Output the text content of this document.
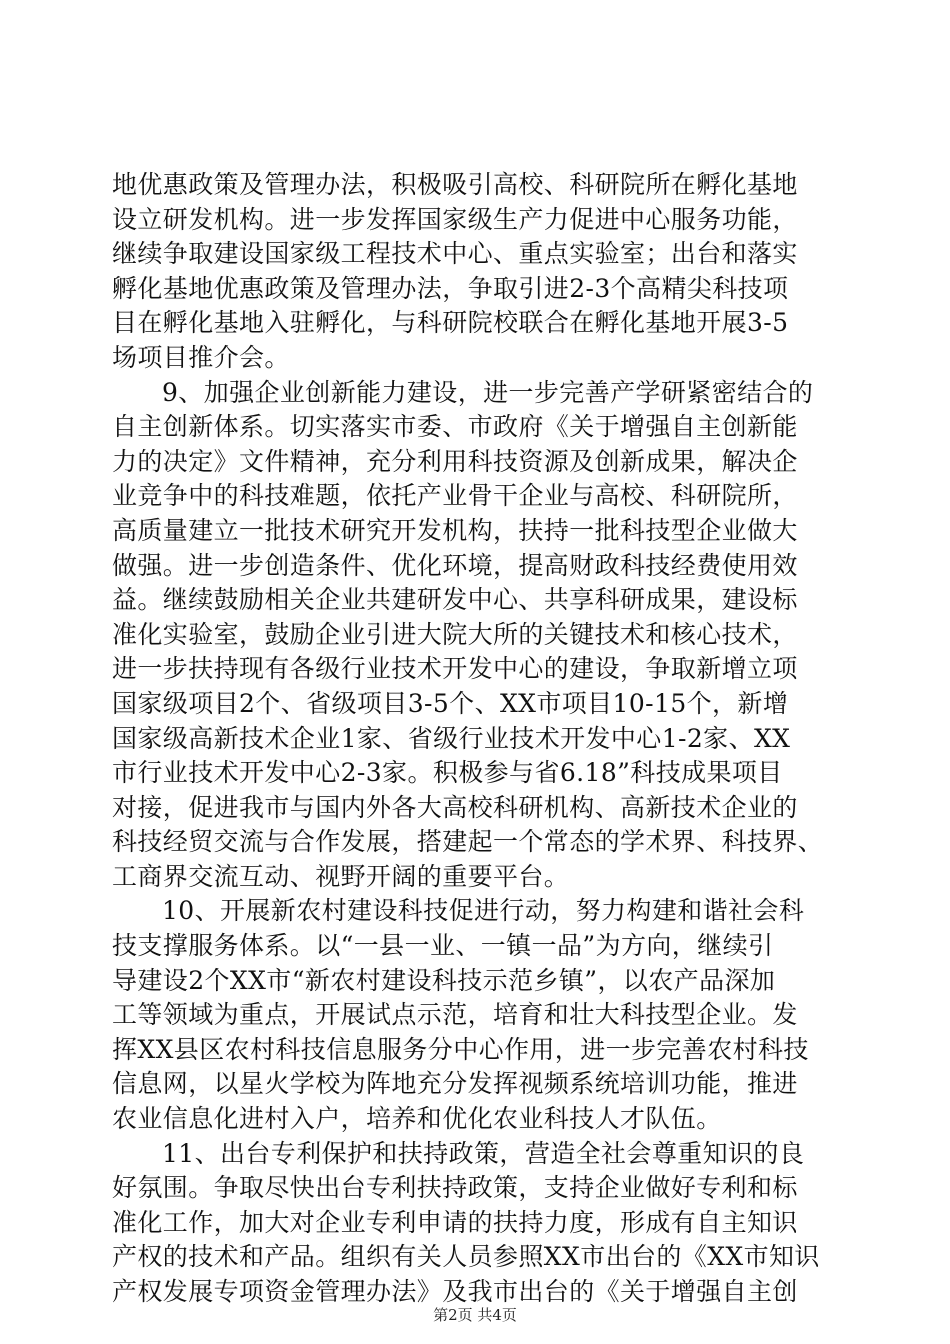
地优惠政策及管理办法，积极吸引高校、科研院所在孵化基地
设立研发机构。进一步发挥国家级生产力促进中心服务功能，
继续争取建设国家级工程技术中心、重点实验室；出台和落实
孵化基地优惠政策及管理办法，争取引进2-3个高精尖科技项
目在孵化基地入驻孵化，与科研院校联合在孵化基地开展3-5
场项目推介会。
9、加强企业创新能力建设，进一步完善产学研紧密结合的
自主创新体系。切实落实市委、市政府《关于增强自主创新能
力的决定》文件精神，充分利用科技资源及创新成果，解决企
业竞争中的科技难题，依托产业骨干企业与高校、科研院所，
高质量建立一批技术研究开发机构，扶持一批科技型企业做大
做强。进一步创造条件、优化环境，提高财政科技经费使用效
益。继续鼓励相关企业共建研发中心、共享科研成果，建设标
准化实验室，鼓励企业引进大院大所的关键技术和核心技术，
进一步扶持现有各级行业技术开发中心的建设，争取新增立项
国家级项目2个、省级项目3-5个、XX市项目10-15个，新增
国家级高新技术企业1家、省级行业技术开发中心1-2家、XX
市行业技术开发中心2-3家。积极参与省6.18”科技成果项目
对接，促进我市与国内外各大高校科研机构、高新技术企业的
科技经贸交流与合作发展，搭建起一个常态的学术界、科技界、
工商界交流互动、视野开阔的重要平台。
10、开展新农村建设科技促进行动，努力构建和谐社会科
技支撑服务体系。以“一县一业、一镇一品”为方向，继续引
导建设2个XX市“新农村建设科技示范乡镇”，以农产品深加
工等领域为重点，开展试点示范，培育和壮大科技型企业。发
挥XX县区农村科技信息服务分中心作用，进一步完善农村科技
信息网，以星火学校为阵地充分发挥视频系统培训功能，推进
农业信息化进村入户，培养和优化农业科技人才队伍。
11、出台专利保护和扶持政策，营造全社会尊重知识的良
好氛围。争取尽快出台专利扶持政策，支持企业做好专利和标
准化工作，加大对企业专利申请的扶持力度，形成有自主知识
产权的技术和产品。组织有关人员参照XX市出台的《XX市知识
产权发展专项资金管理办法》及我市出台的《关于增强自主创
第2页 共4页
